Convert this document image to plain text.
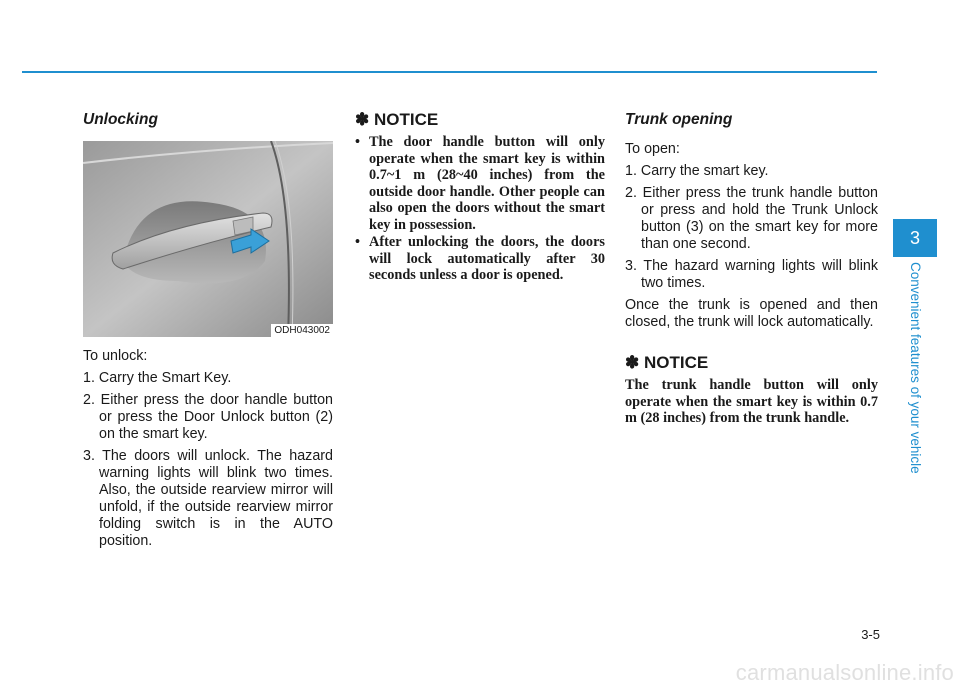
Unlocking
ODH043002

To unlock:

1. Carry the Smart Key.
2. Either press the door handle button or press the Door Unlock button (2) on the smart key.
3. The doors will unlock. The hazard warning lights will blink two times. Also, the outside rearview mirror will unfold, if the outside rearview mirror folding switch is in the AUTO position.
✽ NOTICE
• The door handle button will only operate when the smart key is within 0.7~1 m (28~40 inches) from the outside door handle. Other people can also open the doors without the smart key in possession.
• After unlocking the doors, the doors will lock automatically after 30 seconds unless a door is opened.
Trunk opening

To open:

1. Carry the smart key.
2. Either press the trunk handle button or press and hold the Trunk Unlock button (3) on the smart key for more than one second.
3. The hazard warning lights will blink two times.

Once the trunk is opened and then closed, the trunk will lock automatically.

✽ NOTICE

The trunk handle button will only operate when the smart key is within 0.7 m (28 inches) from the trunk handle.

3
Convenient features of your vehicle
3-5
carmanualsonline.info
